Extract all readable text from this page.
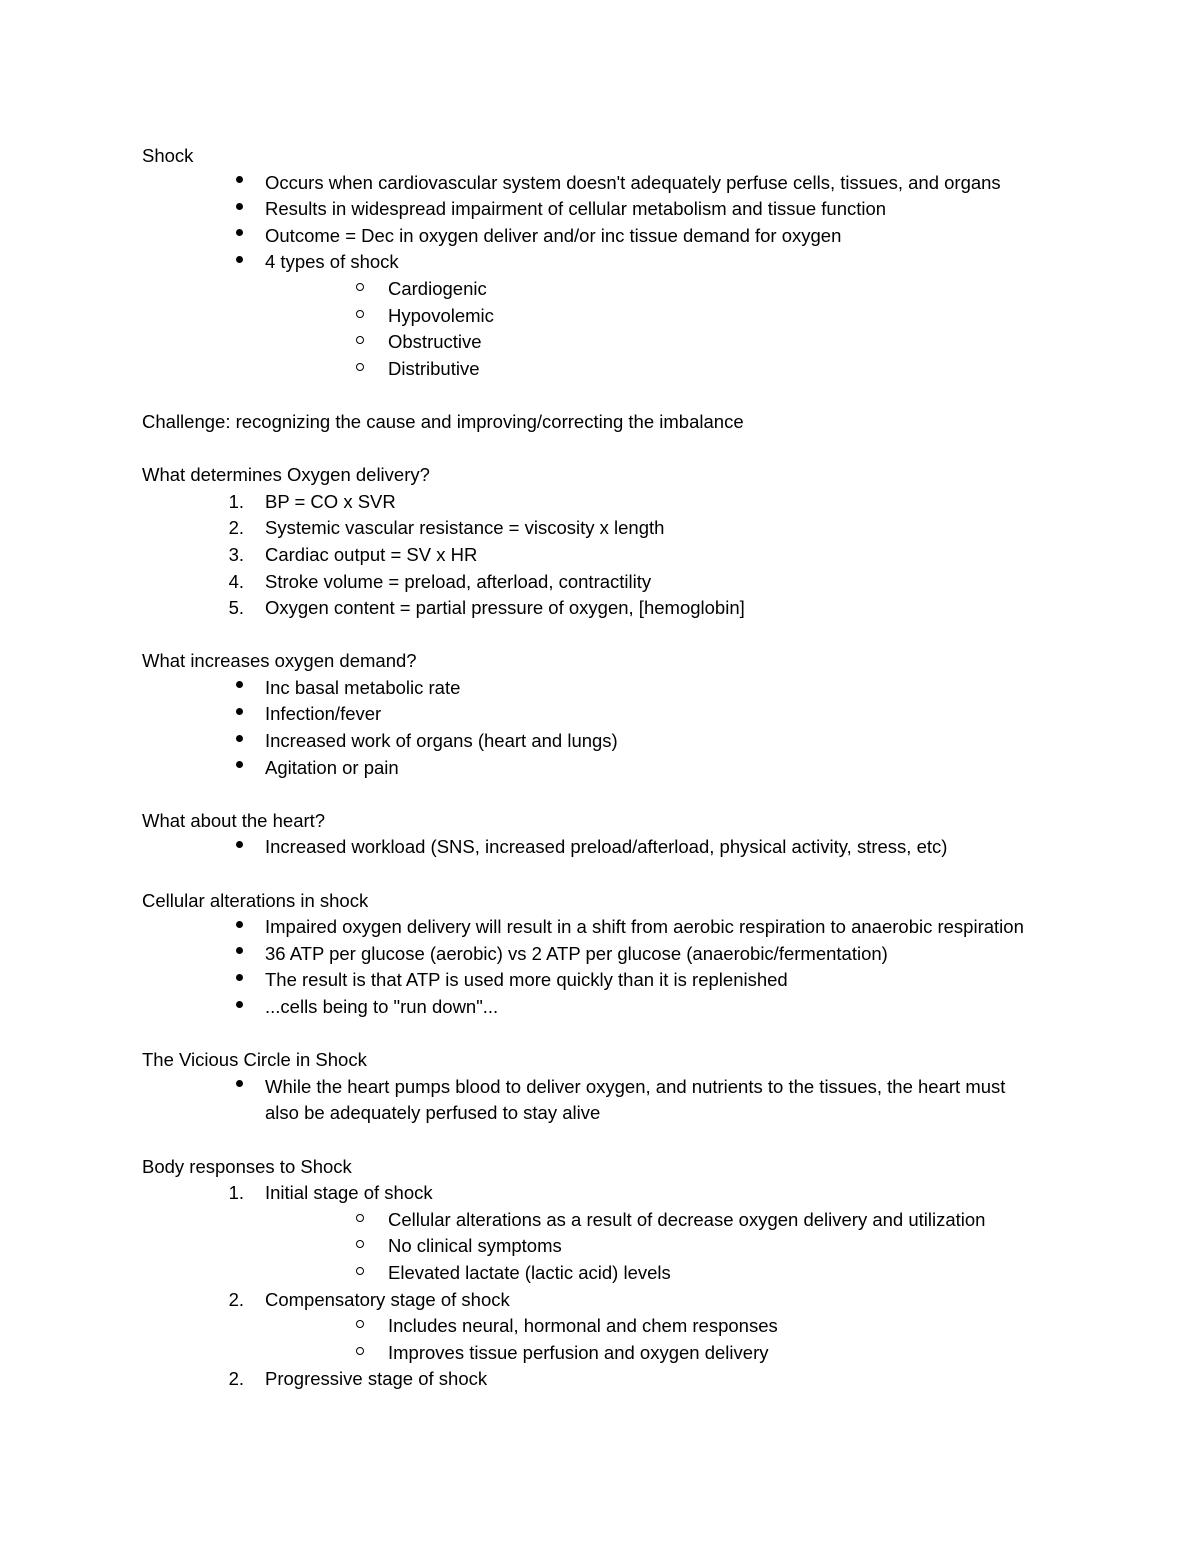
Shock
Occurs when cardiovascular system doesn't adequately perfuse cells, tissues, and organs
Results in widespread impairment of cellular metabolism and tissue function
Outcome = Dec in oxygen deliver and/or inc tissue demand for oxygen
4 types of shock
Cardiogenic
Hypovolemic
Obstructive
Distributive
Challenge: recognizing the cause and improving/correcting the imbalance
What determines Oxygen delivery?
1. BP = CO x SVR
2. Systemic vascular resistance = viscosity x length
3. Cardiac output = SV x HR
4. Stroke volume = preload, afterload, contractility
5. Oxygen content = partial pressure of oxygen, [hemoglobin]
What increases oxygen demand?
Inc basal metabolic rate
Infection/fever
Increased work of organs (heart and lungs)
Agitation or pain
What about the heart?
Increased workload (SNS, increased preload/afterload, physical activity, stress, etc)
Cellular alterations in shock
Impaired oxygen delivery will result in a shift from aerobic respiration to anaerobic respiration
36 ATP per glucose (aerobic) vs 2 ATP per glucose (anaerobic/fermentation)
The result is that ATP is used more quickly than it is replenished
...cells being to "run down"...
The Vicious Circle in Shock
While the heart pumps blood to deliver oxygen, and nutrients to the tissues, the heart must also be adequately perfused to stay alive
Body responses to Shock
1. Initial stage of shock
Cellular alterations as a result of decrease oxygen delivery and utilization
No clinical symptoms
Elevated lactate (lactic acid) levels
2. Compensatory stage of shock
Includes neural, hormonal and chem responses
Improves tissue perfusion and oxygen delivery
2. Progressive stage of shock
